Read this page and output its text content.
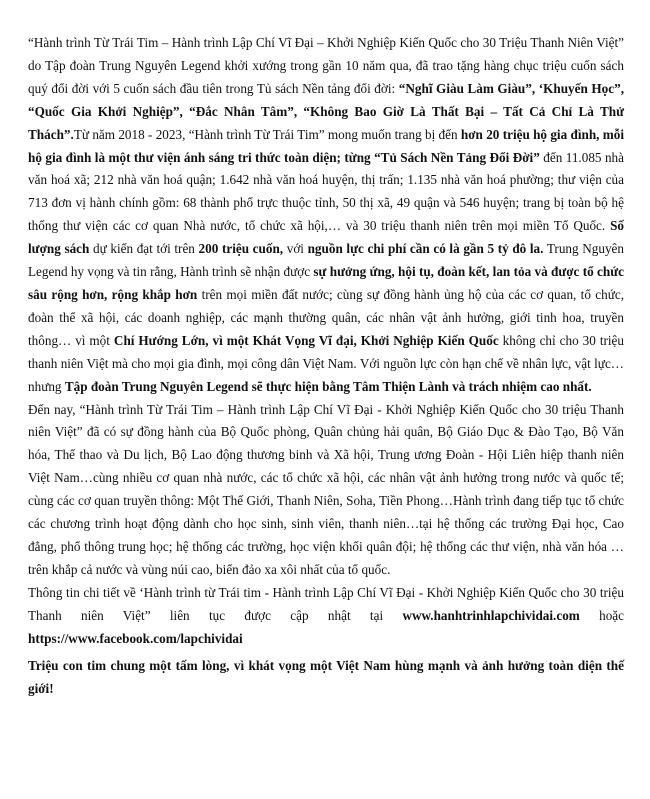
“Hành trình Từ Trái Tim – Hành trình Lập Chí Vĩ Đại – Khởi Nghiệp Kiến Quốc cho 30 Triệu Thanh Niên Việt” do Tập đoàn Trung Nguyên Legend khởi xướng trong gần 10 năm qua, đã trao tặng hàng chục triệu cuốn sách quý đổi đời với 5 cuốn sách đầu tiên trong Tủ sách Nền tảng đổi đời: “Nghĩ Giàu Làm Giàu”, ‘Khuyến Học”, “Quốc Gia Khởi Nghiệp”, “Đắc Nhân Tâm”, “Không Bao Giờ Là Thất Bại – Tất Cả Chỉ Là Thử Thách”.Từ năm 2018 - 2023, “Hành trình Từ Trái Tim” mong muốn trang bị đến hơn 20 triệu hộ gia đình, mỗi hộ gia đình là một thư viện ánh sáng tri thức toàn diện; từng “Tủ Sách Nền Tảng Đổi Đời” đến 11.085 nhà văn hoá xã; 212 nhà văn hoá quận; 1.642 nhà văn hoá huyện, thị trấn; 1.135 nhà văn hoá phường; thư viện của 713 đơn vị hành chính gồm: 68 thành phố trực thuộc tỉnh, 50 thị xã, 49 quận và 546 huyện; trang bị toàn bộ hệ thống thư viện các cơ quan Nhà nước, tổ chức xã hội,… và 30 triệu thanh niên trên mọi miền Tổ Quốc. Số lượng sách dự kiến đạt tới trên 200 triệu cuốn, với nguồn lực chi phí cần có là gần 5 tỷ đô la. Trung Nguyên Legend hy vọng và tin rằng, Hành trình sẽ nhận được sự hưởng ứng, hội tụ, đoàn kết, lan tỏa và được tổ chức sâu rộng hơn, rộng khắp hơn trên mọi miền đất nước; cùng sự đồng hành ủng hộ của các cơ quan, tổ chức, đoàn thể xã hội, các doanh nghiệp, các mạnh thường quân, các nhân vật ảnh hưởng, giới tinh hoa, truyền thông… vì một Chí Hướng Lớn, vì một Khát Vọng Vĩ đại, Khởi Nghiệp Kiến Quốc không chỉ cho 30 triệu thanh niên Việt mà cho mọi gia đình, mọi công dân Việt Nam. Với nguồn lực còn hạn chế về nhân lực, vật lực…nhưng Tập đoàn Trung Nguyên Legend sẽ thực hiện bằng Tâm Thiện Lành và trách nhiệm cao nhất.

Đến nay, “Hành trình Từ Trái Tim – Hành trình Lập Chí Vĩ Đại - Khởi Nghiệp Kiến Quốc cho 30 triệu Thanh niên Việt” đã có sự đồng hành của Bộ Quốc phòng, Quân chủng hải quân, Bộ Giáo Dục & Đào Tạo, Bộ Văn hóa, Thể thao và Du lịch, Bộ Lao động thương binh và Xã hội, Trung ương Đoàn - Hội Liên hiệp thanh niên Việt Nam…cùng nhiều cơ quan nhà nước, các tổ chức xã hội, các nhân vật ảnh hưởng trong nước và quốc tế; cùng các cơ quan truyền thông: Một Thế Giới, Thanh Niên, Soha, Tiền Phong…Hành trình đang tiếp tục tổ chức các chương trình hoạt động dành cho học sinh, sinh viên, thanh niên…tại hệ thống các trường Đại học, Cao đẳng, phổ thông trung học; hệ thống các trường, học viện khối quân đội; hệ thống các thư viện, nhà văn hóa …trên khắp cả nước và vùng núi cao, biển đảo xa xôi nhất của tổ quốc.

Thông tin chi tiết về ‘Hành trình từ Trái tim - Hành trình Lập Chí Vĩ Đại - Khởi Nghiệp Kiến Quốc cho 30 triệu Thanh niên Việt” liên tục được cập nhật tại www.hanhtrinhlapchividai.com hoặc https://www.facebook.com/lapchividai

Triệu con tim chung một tấm lòng, vì khát vọng một Việt Nam hùng mạnh và ảnh hưởng toàn diện thế giới!
